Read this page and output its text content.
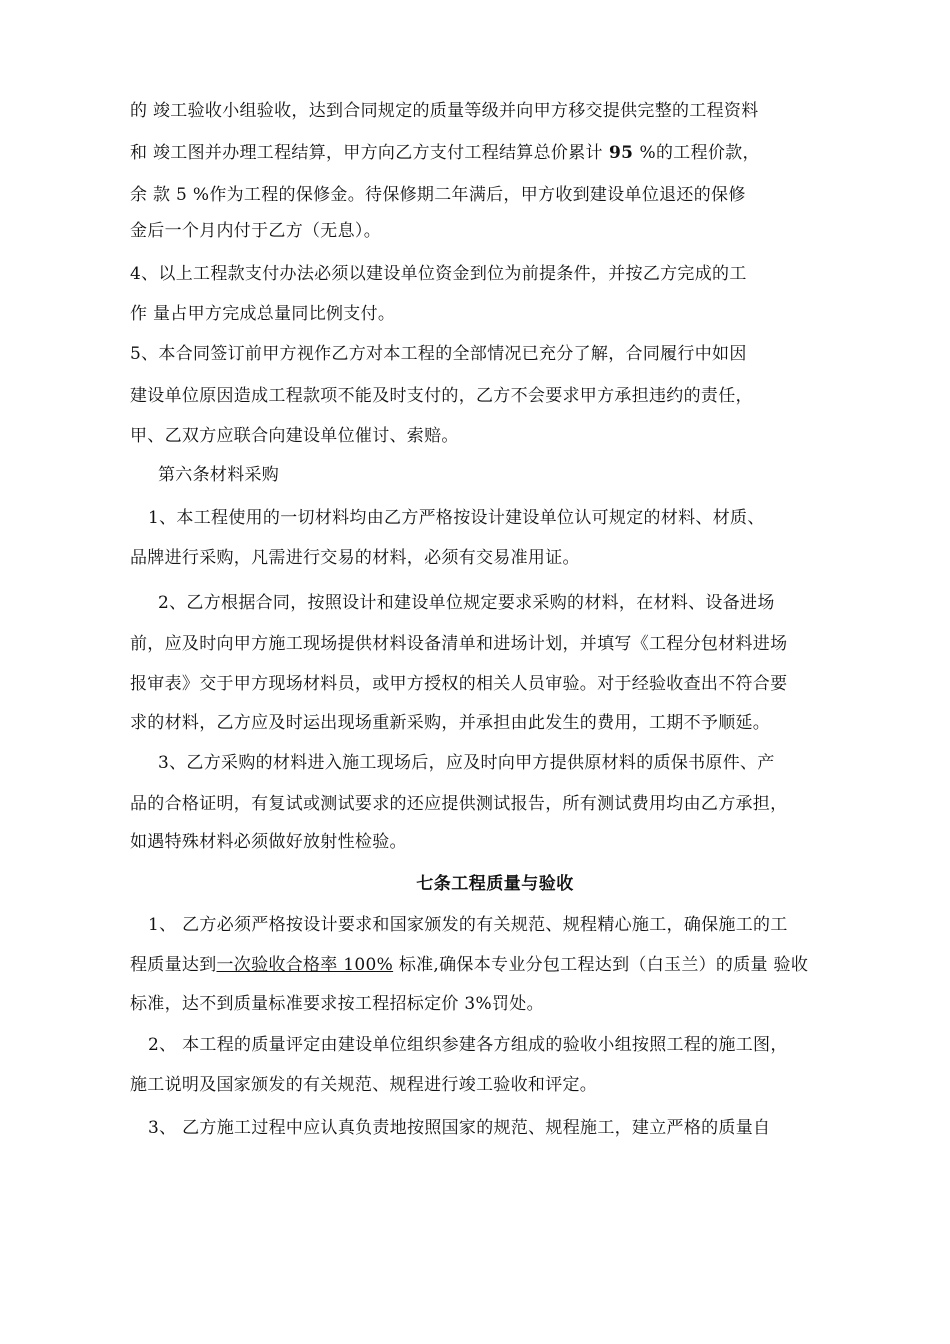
的 竣工验收小组验收，达到合同规定的质量等级并向甲方移交提供完整的工程资料
和 竣工图并办理工程结算，甲方向乙方支付工程结算总价累计 95 %的工程价款，
余 款 5 %作为工程的保修金。待保修期二年满后，甲方收到建设单位退还的保修
金后一个月内付于乙方（无息）。
4、以上工程款支付办法必须以建设单位资金到位为前提条件，并按乙方完成的工
作 量占甲方完成总量同比例支付。
5、本合同签订前甲方视作乙方对本工程的全部情况已充分了解，合同履行中如因
建设单位原因造成工程款项不能及时支付的，乙方不会要求甲方承担违约的责任，
甲、乙双方应联合向建设单位催讨、索赔。
第六条材料采购
1、本工程使用的一切材料均由乙方严格按设计建设单位认可规定的材料、材质、
品牌进行采购，凡需进行交易的材料，必须有交易准用证。
2、乙方根据合同，按照设计和建设单位规定要求采购的材料，在材料、设备进场
前，应及时向甲方施工现场提供材料设备清单和进场计划，并填写《工程分包材料进场
报审表》交于甲方现场材料员，或甲方授权的相关人员审验。对于经验收查出不符合要
求的材料，乙方应及时运出现场重新采购，并承担由此发生的费用，工期不予顺延。
3、乙方采购的材料进入施工现场后，应及时向甲方提供原材料的质保书原件、产
品的合格证明，有复试或测试要求的还应提供测试报告，所有测试费用均由乙方承担，
如遇特殊材料必须做好放射性检验。
七条工程质量与验收
1、 乙方必须严格按设计要求和国家颁发的有关规范、规程精心施工，确保施工的工
程质量达到一次验收合格率 100% 标准,确保本专业分包工程达到（白玉兰）的质量 验收
标准，达不到质量标准要求按工程招标定价 3%罚处。
2、 本工程的质量评定由建设单位组织参建各方组成的验收小组按照工程的施工图，
施工说明及国家颁发的有关规范、规程进行竣工验收和评定。
3、 乙方施工过程中应认真负责地按照国家的规范、规程施工，建立严格的质量自
